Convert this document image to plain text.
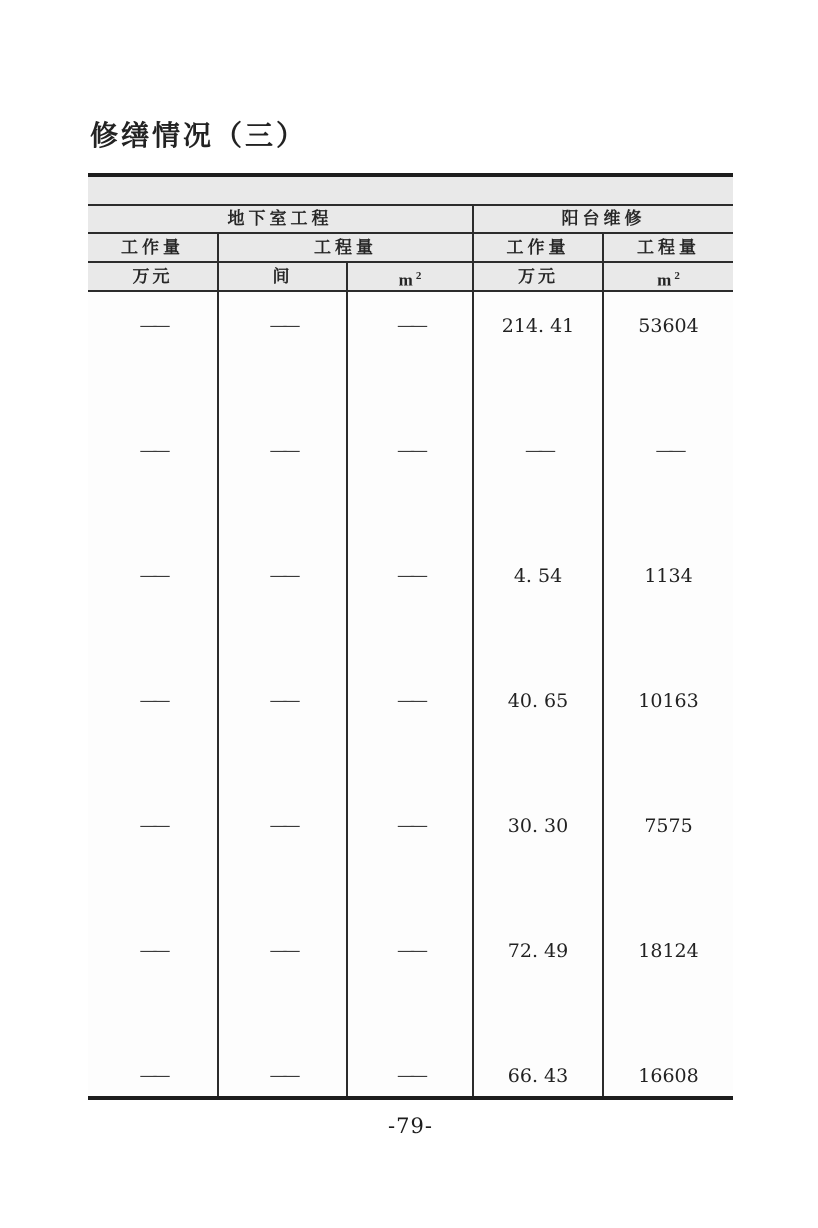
修缮情况（三）
地下室工程	阳台维修
工作量	工程量	工作量	工程量
万元	间	$m^2$	万元	$m^2$
——	——	——	214. 41	53604
——	——	——	——	——
——	——	——	4. 54	1134
——	——	——	40. 65	10163
——	——	——	30. 30	7575
——	——	——	72. 49	18124
——	——	——	66. 43	16608
-79-
